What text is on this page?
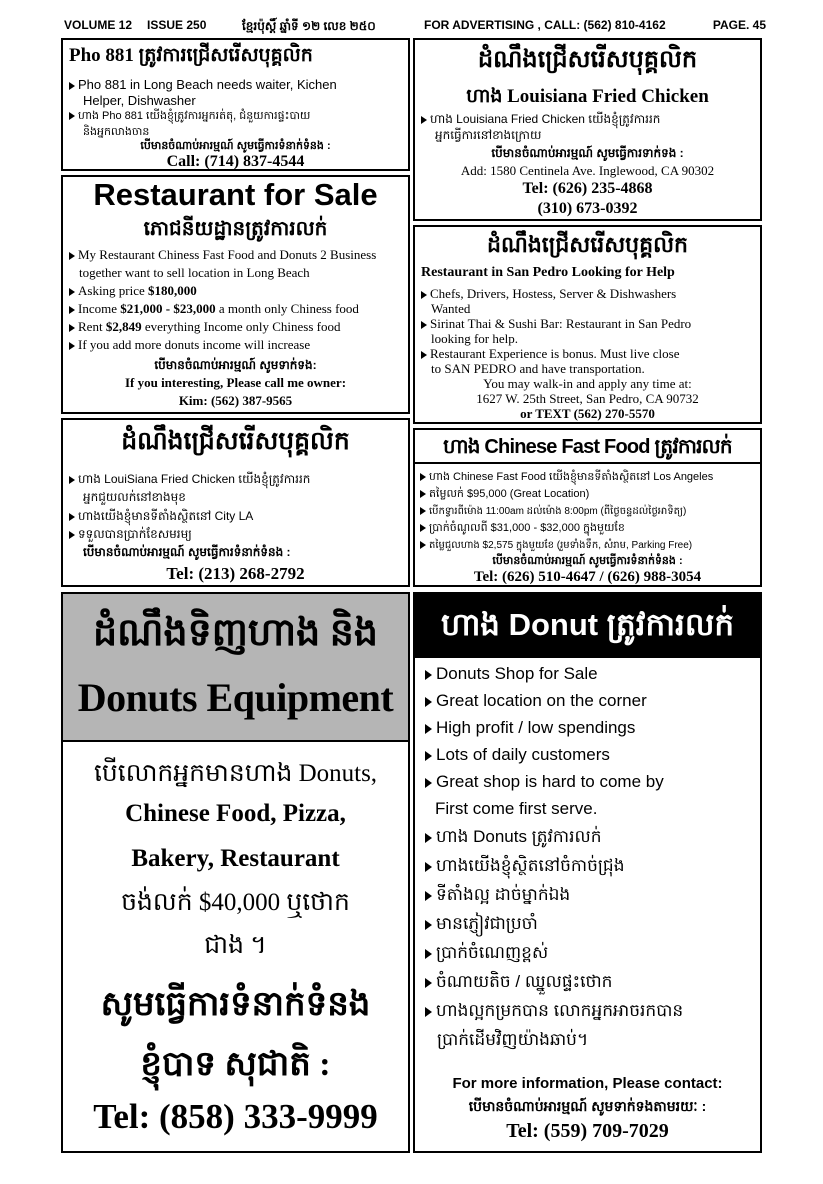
VOLUME 12 ISSUE 250	ខ្មែរប៉ុស្ដិ៍ ឆ្នាំទី ១២ លេខ ២៥០	FOR ADVERTISING , CALL: (562) 810-4162	PAGE. 45
Pho 881 ត្រូវការជ្រើសរើសបុគ្គលិក
Pho 881 in Long Beach needs waiter, Kichen
Helper, Dishwasher
ហាង Pho 881 យើងខ្ញុំត្រូវការអ្នករត់តុ, ជំនួយការផ្ទះបាយ
និងអ្នកលាងចាន
បើមានចំណាប់អារម្មណ៍ សូមធ្វើការទំនាក់ទំនង :
Call: (714) 837-4544
ដំណឹងជ្រើសរើសបុគ្គលិក
ហាង Louisiana Fried Chicken
ហាង Louisiana Fried Chicken យើងខ្ញុំត្រូវការរក
អ្នកធ្វើការនៅខាងក្រោយ
បើមានចំណាប់អារម្មណ៍ សូមធ្វើការទាក់ទង :
Add: 1580 Centinela Ave. Inglewood, CA 90302
Tel: (626) 235-4868
(310) 673-0392
Restaurant for Sale
ភោជនីយដ្ឋានត្រូវការលក់
My Restaurant Chiness Fast Food and Donuts 2 Business
together want to sell location in Long Beach
Asking price $180,000
Income $21,000 - $23,000 a month only Chiness food
Rent $2,849 everything Income only Chiness food
If you add more donuts income will increase
បើមានចំណាប់អារម្មណ៍ សូមទាក់ទង:
If you interesting, Please call me owner:
Kim: (562) 387-9565
ដំណឹងជ្រើសរើសបុគ្គលិក
Restaurant in San Pedro Looking for Help
Chefs, Drivers, Hostess, Server & Dishwashers
Wanted
Sirinat Thai & Sushi Bar: Restaurant in San Pedro
looking for help.
Restaurant Experience is bonus. Must live close
to SAN PEDRO and have transportation.
You may walk-in and apply any time at:
1627 W. 25th Street, San Pedro, CA 90732
or TEXT (562) 270-5570
ដំណឹងជ្រើសរើសបុគ្គលិក
ហាង LouiSiana Fried Chicken យើងខ្ញុំត្រូវការរក
អ្នកជួយលក់នៅខាងមុខ
ហាងយើងខ្ញុំមានទីតាំងស្ថិតនៅ City LA
ទទួលបានប្រាក់ខែសមរម្យ
បើមានចំណាប់អារម្មណ៍ សូមធ្វើការទំនាក់ទំនង :
Tel: (213) 268-2792
ហាង Chinese Fast Food ត្រូវការលក់
ហាង Chinese Fast Food យើងខ្ញុំមានទីតាំងស្ថិតនៅ Los Angeles
តម្លៃលក់ $95,000 (Great Location)
បើកទ្វារពីម៉ោង 11:00am ដល់ម៉ោង 8:00pm (ពីថ្ងៃចន្ទដល់ថ្ងៃអាទិត្យ)
ប្រាក់ចំណូលពី $31,000 - $32,000 ក្នុងមួយខែ
តម្លៃជួលហាង $2,575 ក្នុងមួយខែ (រួមទាំងទឹក, សំរាម, Parking Free)
បើមានចំណាប់អារម្មណ៍ សូមធ្វើការទំនាក់ទំនង :
Tel: (626) 510-4647 / (626) 988-3054
ដំណឹងទិញហាង និង
Donuts Equipment
បើលោកអ្នកមានហាង Donuts,
Chinese Food, Pizza,
Bakery, Restaurant
ចង់លក់ $40,000 ឬថោក
ជាង ។
សូមធ្វើការទំនាក់ទំនង
ខ្ញុំបាទ សុជាតិ :
Tel: (858) 333-9999
ហាង Donut ត្រូវការលក់
Donuts Shop for Sale
Great location on the corner
High profit / low spendings
Lots of daily customers
Great shop is hard to come by
First come first serve.
ហាង Donuts ត្រូវការលក់
ហាងយើងខ្ញុំស្ថិតនៅចំកាច់ជ្រុង
ទីតាំងល្អ ដាច់ម្នាក់ឯង
មានភ្ញៀវជាប្រចាំ
ប្រាក់ចំណេញខ្ពស់
ចំណាយតិច / ឈ្នួលផ្ទះថោក
ហាងល្អកម្រកបាន លោកអ្នកអាចរកបាន
ប្រាក់ដើមវិញយ៉ាងឆាប់។
For more information, Please contact:
បើមានចំណាប់អារម្មណ៍ សូមទាក់ទងតាមរយៈ :
Tel: (559) 709-7029
